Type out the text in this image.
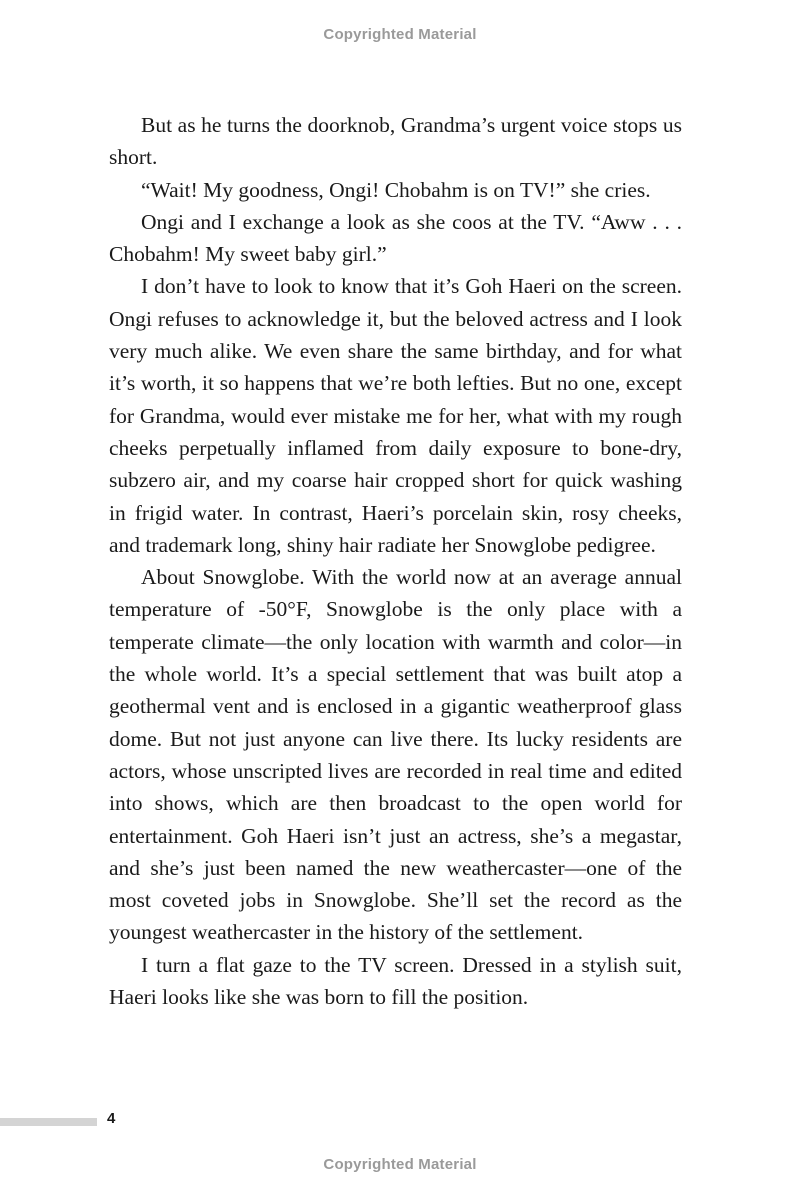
Copyrighted Material

But as he turns the doorknob, Grandma’s urgent voice stops us short.

“Wait! My goodness, Ongi! Chobahm is on TV!” she cries.

Ongi and I exchange a look as she coos at the TV. “Aww . . . Chobahm! My sweet baby girl.”

I don’t have to look to know that it’s Goh Haeri on the screen. Ongi refuses to acknowledge it, but the beloved actress and I look very much alike. We even share the same birthday, and for what it’s worth, it so happens that we’re both lefties. But no one, except for Grandma, would ever mistake me for her, what with my rough cheeks perpetually inflamed from daily exposure to bone-dry, subzero air, and my coarse hair cropped short for quick washing in frigid water. In contrast, Haeri’s porcelain skin, rosy cheeks, and trademark long, shiny hair radiate her Snowglobe pedigree.

About Snowglobe. With the world now at an average annual temperature of -50°F, Snowglobe is the only place with a temperate climate—the only location with warmth and color—in the whole world. It’s a special settlement that was built atop a geothermal vent and is enclosed in a gigantic weatherproof glass dome. But not just anyone can live there. Its lucky residents are actors, whose unscripted lives are recorded in real time and edited into shows, which are then broadcast to the open world for entertainment. Goh Haeri isn’t just an actress, she’s a megastar, and she’s just been named the new weathercaster—one of the most coveted jobs in Snowglobe. She’ll set the record as the youngest weathercaster in the history of the settlement.

I turn a flat gaze to the TV screen. Dressed in a stylish suit, Haeri looks like she was born to fill the position.

4
Copyrighted Material
